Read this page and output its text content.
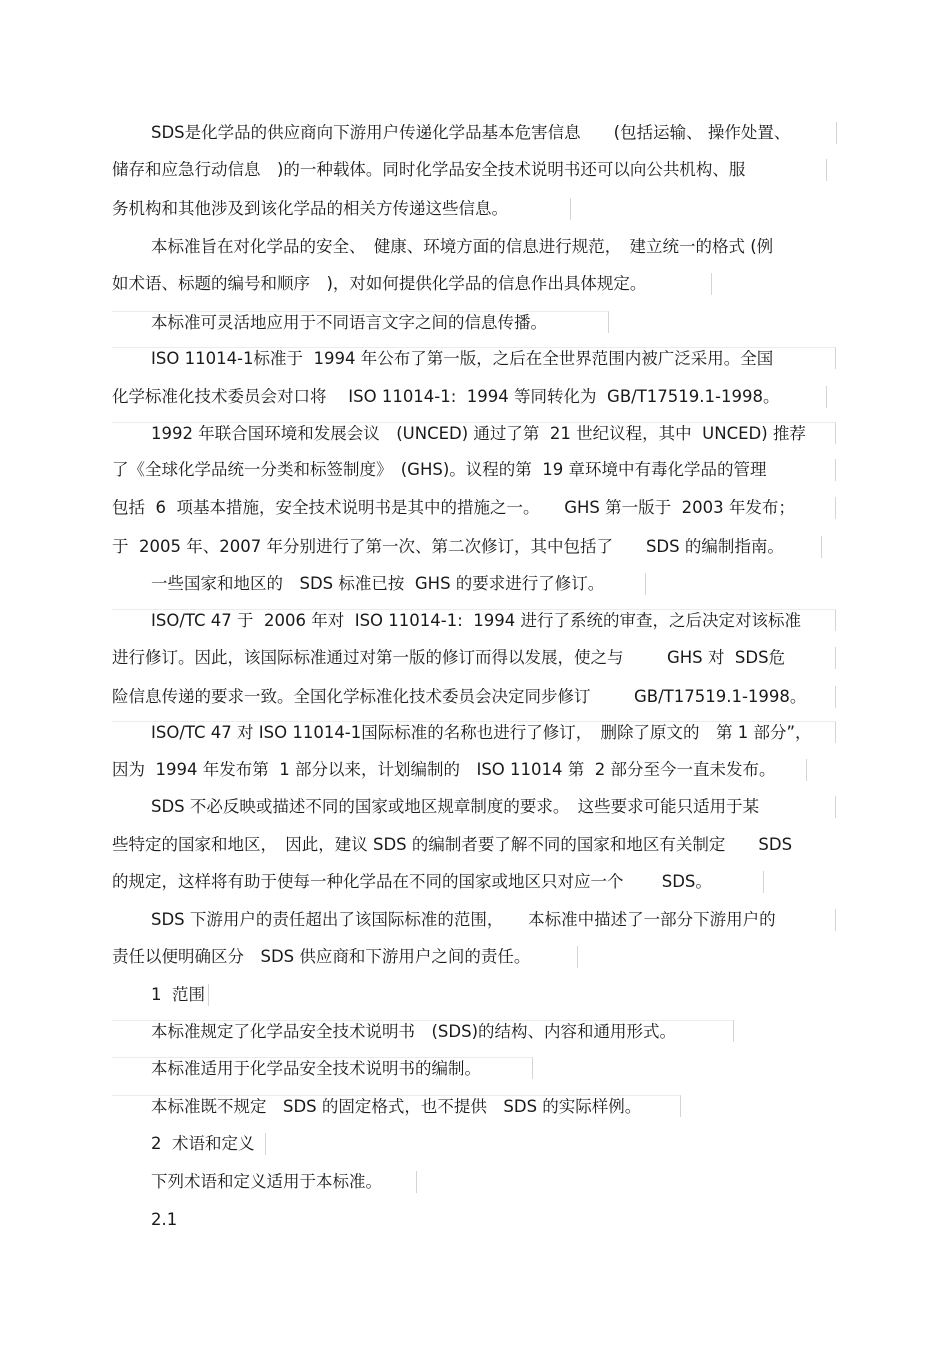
SDS是化学品的供应商向下游用户传递化学品基本危害信息　　(包括运输、 操作处置、
储存和应急行动信息　)的一种载体。同时化学品安全技术说明书还可以向公共机构、服
务机构和其他涉及到该化学品的相关方传递这些信息。
本标准旨在对化学品的安全、　健康、环境方面的信息进行规范，　建立统一的格式 (例
如术语、标题的编号和顺序　)，对如何提供化学品的信息作出具体规定。
本标准可灵活地应用于不同语言文字之间的信息传播。
ISO 11014-1标准于  1994 年公布了第一版，之后在全世界范围内被广泛采用。全国
化学标准化技术委员会对口将　 ISO 11014-1:  1994 等同转化为  GB/T17519.1-1998。
1992 年联合国环境和发展会议　(UNCED) 通过了第  21 世纪议程，其中  UNCED) 推荐
了《全球化学品统一分类和标签制度》　(GHS)。议程的第  19 章环境中有毒化学品的管理
包括  6  项基本措施，安全技术说明书是其中的措施之一。　　GHS 第一版于  2003 年发布；
于  2005 年、2007 年分别进行了第一次、第二次修订，其中包括了　　SDS 的编制指南。
一些国家和地区的　SDS 标准已按  GHS 的要求进行了修订。
ISO/TC 47 于  2006 年对  ISO 11014-1:  1994 进行了系统的审查，之后决定对该标准
进行修订。因此，该国际标准通过对第一版的修订而得以发展，使之与　　  GHS 对  SDS危
险信息传递的要求一致。全国化学标准化技术委员会决定同步修订　　  GB/T17519.1-1998。
ISO/TC 47 对 ISO 11014-1国际标准的名称也进行了修订，　删除了原文的　第 1 部分”，
因为  1994 年发布第  1 部分以来，计划编制的　ISO 11014 第  2 部分至今一直未发布。
SDS 不必反映或描述不同的国家或地区规章制度的要求。　这些要求可能只适用于某
些特定的国家和地区，　因此，建议 SDS 的编制者要了解不同的国家和地区有关制定　　SDS
的规定，这样将有助于使每一种化学品在不同的国家或地区只对应一个　　 SDS。
SDS 下游用户的责任超出了该国际标准的范围，　　本标准中描述了一部分下游用户的
责任以便明确区分　SDS 供应商和下游用户之间的责任。
1  范围
本标准规定了化学品安全技术说明书　(SDS)的结构、内容和通用形式。
本标准适用于化学品安全技术说明书的编制。
本标准既不规定　SDS 的固定格式，也不提供　SDS 的实际样例。
2  术语和定义
下列术语和定义适用于本标准。
2.1
